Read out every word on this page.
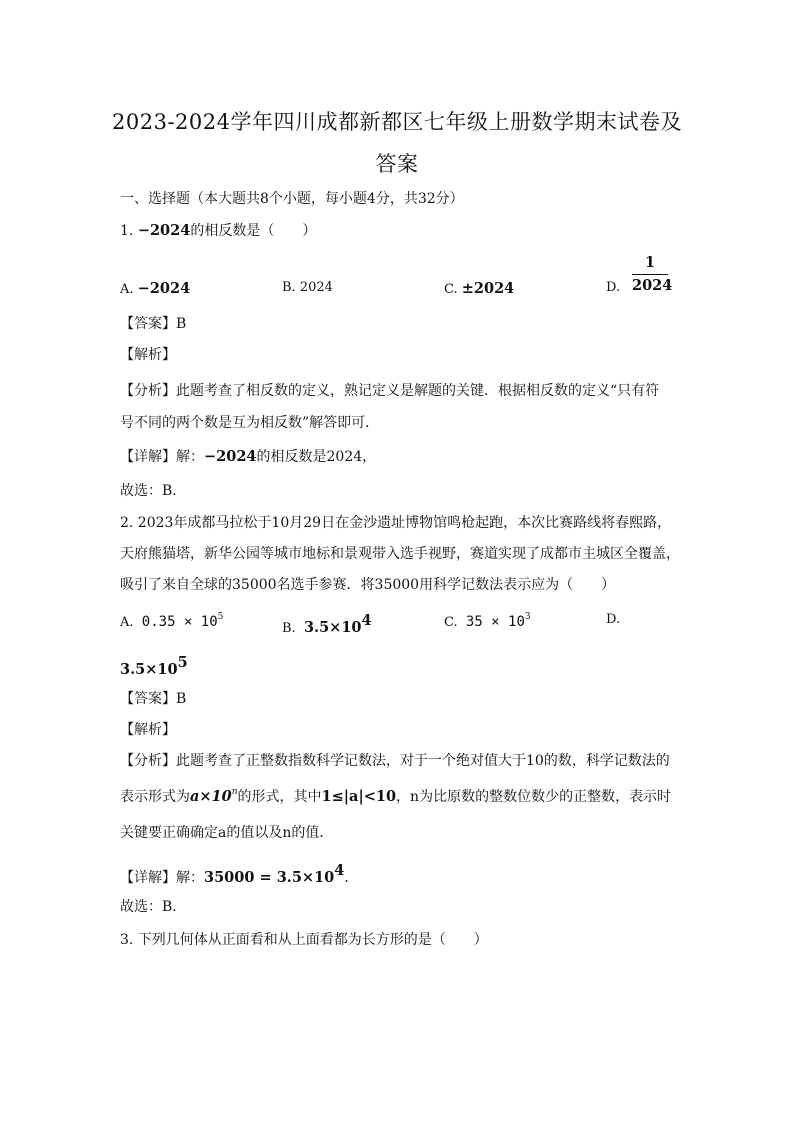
2023-2024学年四川成都新都区七年级上册数学期末试卷及
答案
一、选择题（本大题共8个小题，每小题4分，共32分）
1. −2024的相反数是（　　）
A. −2024	B. 2024	C. ±2024	D.
1
2024
【答案】B
【解析】
【分析】此题考查了相反数的定义，熟记定义是解题的关键．根据相反数的定义“只有符
号不同的两个数是互为相反数”解答即可．
【详解】解：−2024的相反数是2024，
故选：B．
2. 2023年成都马拉松于10月29日在金沙遗址博物馆鸣枪起跑，本次比赛路线将春熙路，
天府熊猫塔，新华公园等城市地标和景观带入选手视野，赛道实现了成都市主城区全覆盖，
吸引了来自全球的35000名选手参赛．将35000用科学记数法表示应为（　　）
A. $0.35 \times 10^5$
B. $3.5\times 10^4$	C. $35 \times 10^3$	D.
$3.5\times 10^5$
【答案】B
【解析】
【分析】此题考查了正整数指数科学记数法，对于一个绝对值大于10的数，科学记数法的
表示形式为$a\times 10^n$的形式，其中1≤|a|<10，n为比原数的整数位数少的正整数，表示时
关键要正确确定a的值以及n的值．
【详解】解：$35000 = 3.5\times 10^4$．
故选：B．
3. 下列几何体从正面看和从上面看都为长方形的是（　　）
